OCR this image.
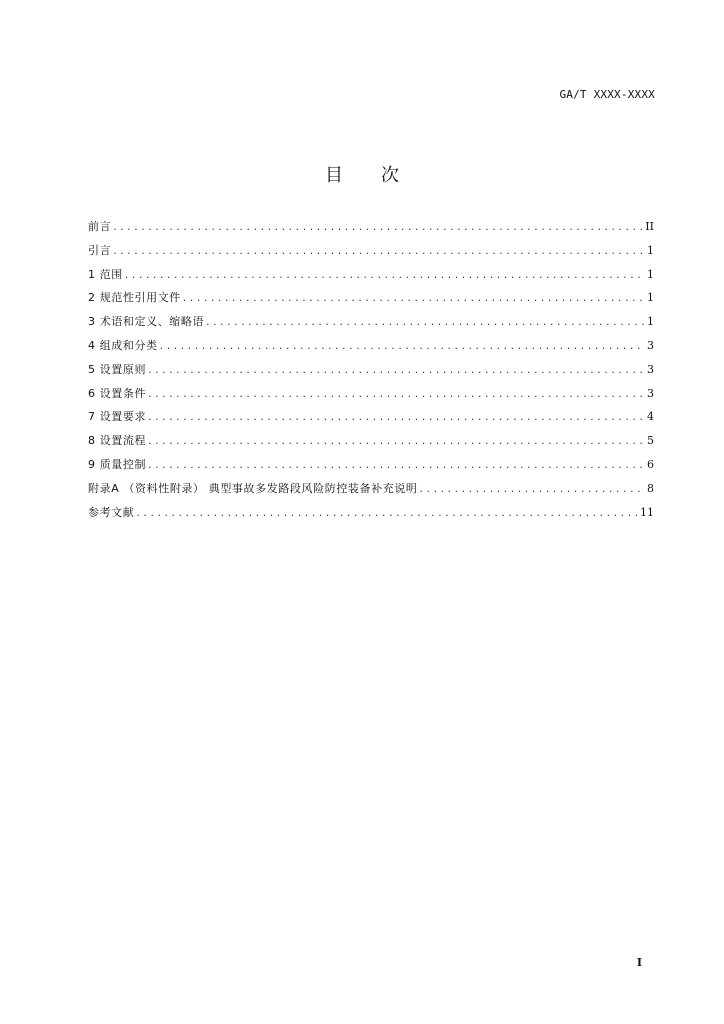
GA/T XXXX-XXXX
目 次
前言 .....	II
引言 .....	1
1 范围 .....	1
2 规范性引用文件 .....	1
3 术语和定义、缩略语 .....	1
4 组成和分类 .....	3
5 设置原则 .....	3
6 设置条件 .....	3
7 设置要求 .....	4
8 设置流程 .....	5
9 质量控制 .....	6
附录A （资料性附录） 典型事故多发路段风险防控装备补充说明 .....	8
参考文献 .....	11
I
